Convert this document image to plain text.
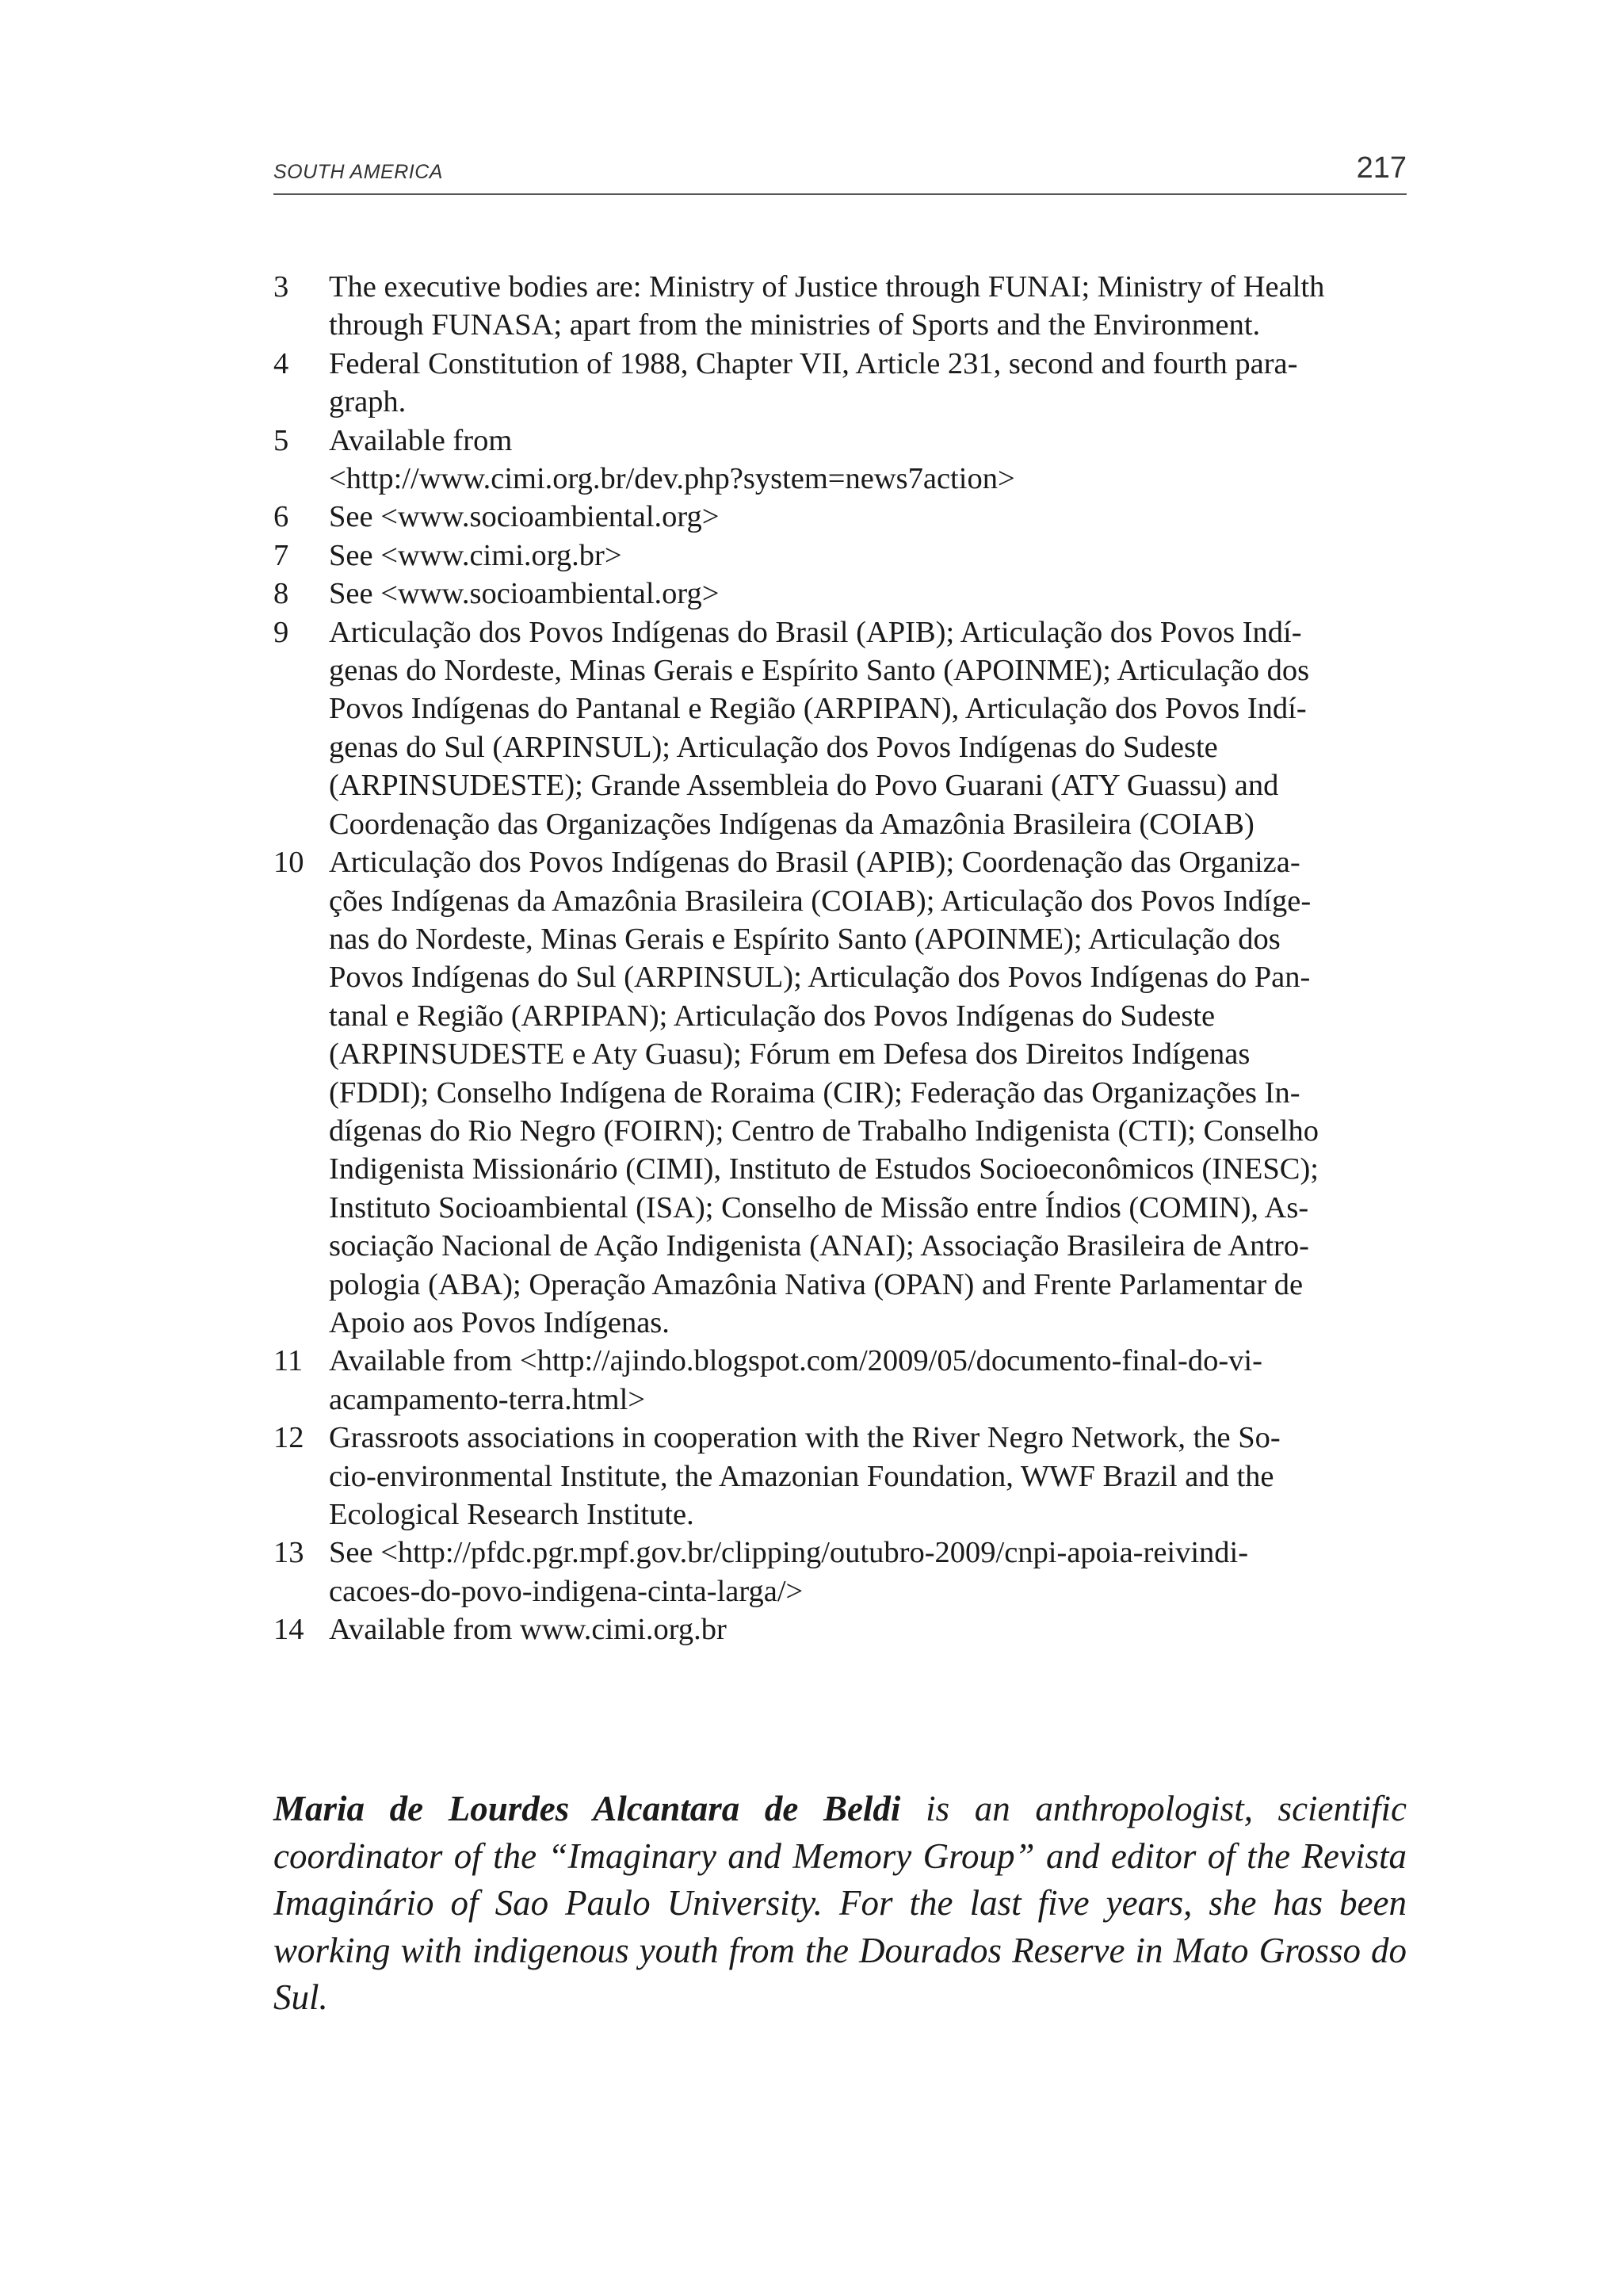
SOUTH AMERICA	217
3	The executive bodies are: Ministry of Justice through FUNAI; Ministry of Health
through FUNASA; apart from the ministries of Sports and the Environment.
4	Federal Constitution of 1988, Chapter VII, Article 231, second and fourth para-
graph.
5	Available from
<http://www.cimi.org.br/dev.php?system=news7action>
6	See <www.socioambiental.org>
7	See <www.cimi.org.br>
8	See <www.socioambiental.org>
9	Articulação dos Povos Indígenas do Brasil (APIB); Articulação dos Povos Indí-
genas do Nordeste, Minas Gerais e Espírito Santo (APOINME); Articulação dos
Povos Indígenas do Pantanal e Região (ARPIPAN), Articulação dos Povos Indí-
genas do Sul (ARPINSUL); Articulação dos Povos Indígenas do Sudeste
(ARPINSUDESTE); Grande Assembleia do Povo Guarani (ATY Guassu) and
Coordenação das Organizações Indígenas da Amazônia Brasileira (COIAB)
10 Articulação dos Povos Indígenas do Brasil (APIB); Coordenação das Organiza-
ções Indígenas da Amazônia Brasileira (COIAB); Articulação dos Povos Indíge-
nas do Nordeste, Minas Gerais e Espírito Santo (APOINME); Articulação dos
Povos Indígenas do Sul (ARPINSUL); Articulação dos Povos Indígenas do Pan-
tanal e Região (ARPIPAN); Articulação dos Povos Indígenas do Sudeste
(ARPINSUDESTE e Aty Guasu); Fórum em Defesa dos Direitos Indígenas
(FDDI); Conselho Indígena de Roraima (CIR); Federação das Organizações In-
dígenas do Rio Negro (FOIRN); Centro de Trabalho Indigenista (CTI); Conselho
Indigenista Missionário (CIMI), Instituto de Estudos Socioeconômicos (INESC);
Instituto Socioambiental (ISA); Conselho de Missão entre Índios (COMIN), As-
sociação Nacional de Ação Indigenista (ANAI); Associação Brasileira de Antro-
pologia (ABA); Operação Amazônia Nativa (OPAN) and Frente Parlamentar de
Apoio aos Povos Indígenas.
11 Available from <http://ajindo.blogspot.com/2009/05/documento-final-do-vi-
acampamento-terra.html>
12 Grassroots associations in cooperation with the River Negro Network, the So-
cio-environmental Institute, the Amazonian Foundation, WWF Brazil and the
Ecological Research Institute.
13 See <http://pfdc.pgr.mpf.gov.br/clipping/outubro-2009/cnpi-apoia-reivindi-
cacoes-do-povo-indigena-cinta-larga/>
14 Available from www.cimi.org.br

Maria de Lourdes Alcantara de Beldi is an anthropologist, scientific coordinator of the “Imaginary and Memory Group” and editor of the Revista Imaginário of Sao Paulo University. For the last five years, she has been working with indigenous youth from the Dourados Reserve in Mato Grosso do Sul.
